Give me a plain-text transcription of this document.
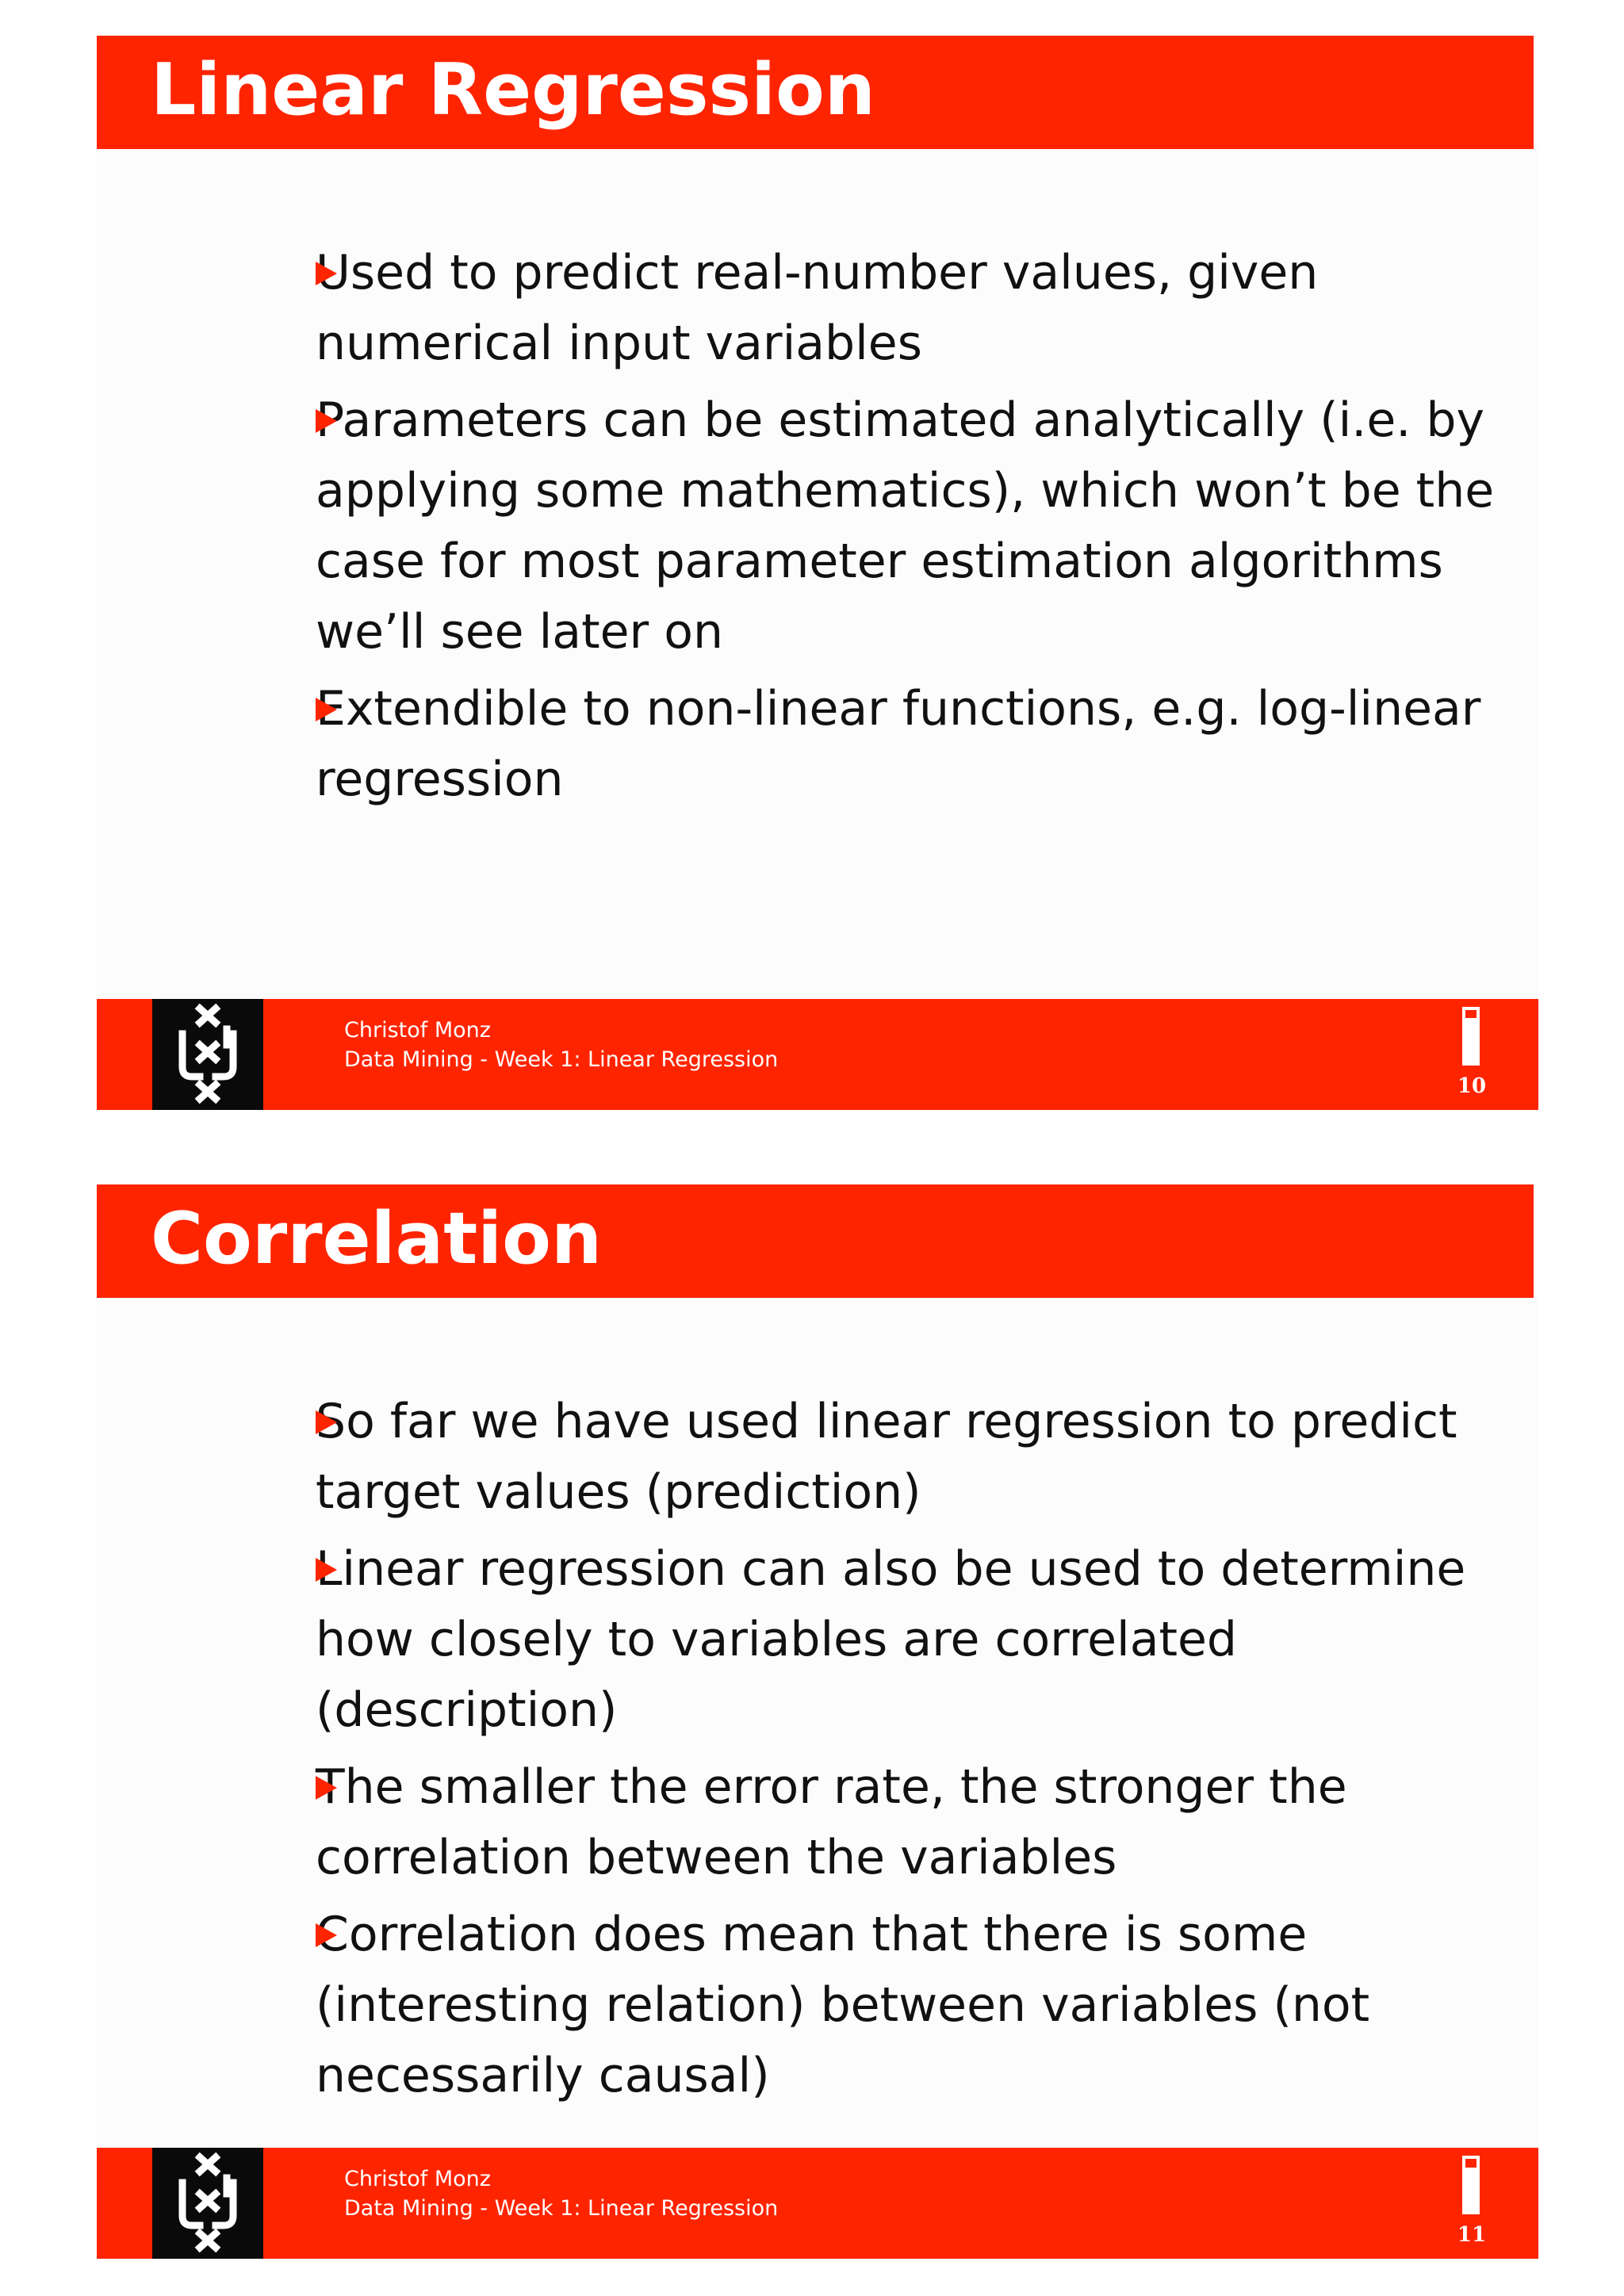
Linear Regression
Used to predict real-number values, given numerical input variables
Parameters can be estimated analytically (i.e. by applying some mathematics), which won’t be the case for most parameter estimation algorithms we’ll see later on
Extendible to non-linear functions, e.g. log-linear regression
Christof Monz
Data Mining - Week 1: Linear Regression
10
Correlation
So far we have used linear regression to predict target values (prediction)
Linear regression can also be used to determine how closely to variables are correlated (description)
The smaller the error rate, the stronger the correlation between the variables
Correlation does mean that there is some (interesting relation) between variables (not necessarily causal)
Christof Monz
Data Mining - Week 1: Linear Regression
11
